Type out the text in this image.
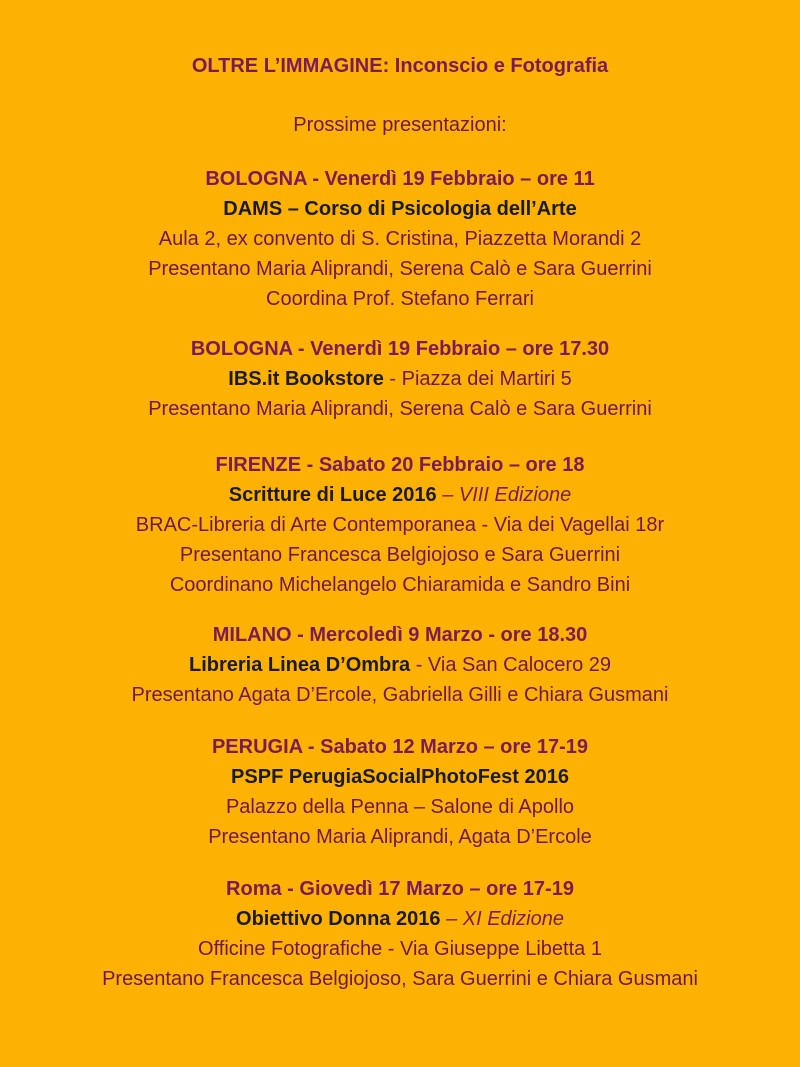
OLTRE L’IMMAGINE: Inconscio e Fotografia
Prossime presentazioni:
BOLOGNA - Venerdì 19 Febbraio – ore 11
DAMS – Corso di Psicologia dell’Arte
Aula 2, ex convento di S. Cristina, Piazzetta Morandi 2
Presentano Maria Aliprandi, Serena Calò e Sara Guerrini
Coordina Prof. Stefano Ferrari
BOLOGNA - Venerdì 19 Febbraio – ore 17.30
IBS.it Bookstore - Piazza dei Martiri 5
Presentano Maria Aliprandi, Serena Calò e Sara Guerrini
FIRENZE - Sabato 20 Febbraio – ore 18
Scritture di Luce 2016 – VIII Edizione
BRAC-Libreria di Arte Contemporanea - Via dei Vagellai 18r
Presentano Francesca Belgiojoso e Sara Guerrini
Coordinano Michelangelo Chiaramida e Sandro Bini
MILANO - Mercoledì 9 Marzo - ore 18.30
Libreria Linea D’Ombra - Via San Calocero 29
Presentano Agata D’Ercole, Gabriella Gilli e Chiara Gusmani
PERUGIA - Sabato 12 Marzo – ore 17-19
PSPF PerugiaSocialPhotoFest 2016
Palazzo della Penna – Salone di Apollo
Presentano Maria Aliprandi, Agata D’Ercole
Roma - Giovedì 17 Marzo – ore 17-19
Obiettivo Donna 2016 – XI Edizione
Officine Fotografiche - Via Giuseppe Libetta 1
Presentano Francesca Belgiojoso, Sara Guerrini e Chiara Gusmani
